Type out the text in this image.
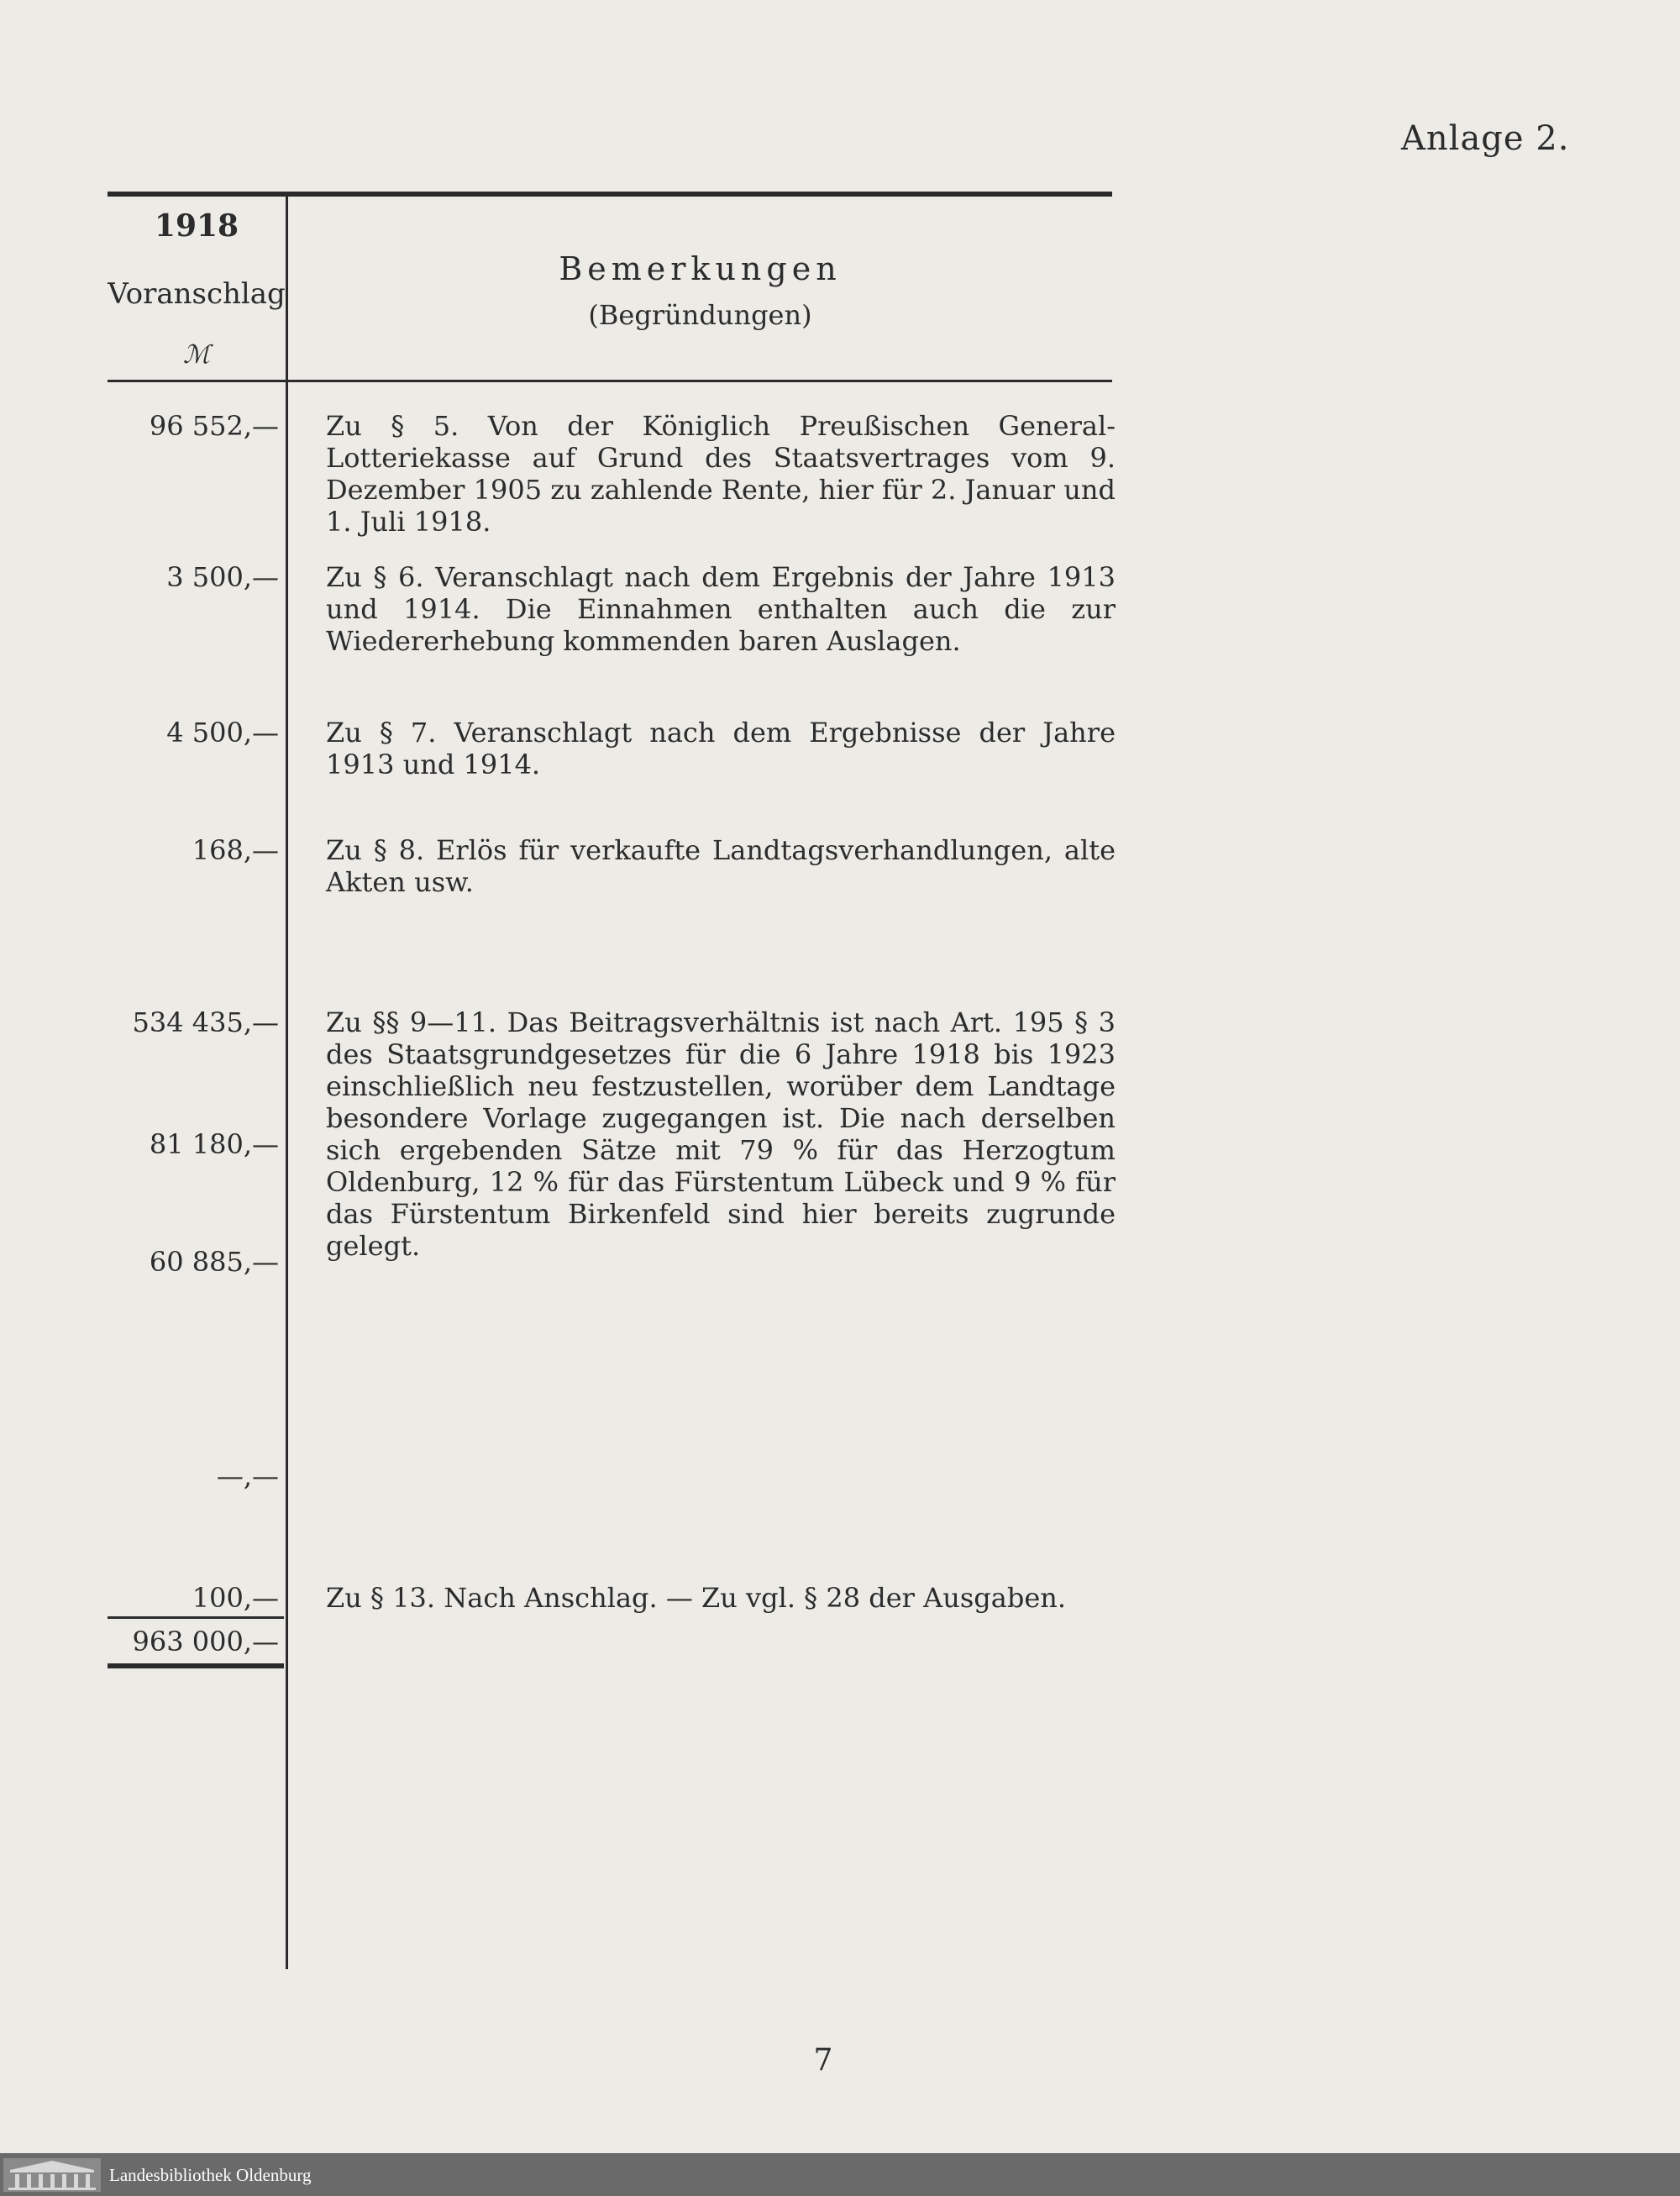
Anlage 2.
1918
Voranschlag
ℳ
Bemerkungen
(Begründungen)
96 552,—
3 500,—
4 500,—
168,—
534 435,—
81 180,—
60 885,—
—,—
100,—
963 000,—
Zu § 5. Von der Königlich Preußischen General-Lotteriekasse auf Grund des Staatsvertrages vom 9. Dezember 1905 zu zahlende Rente, hier für 2. Januar und 1. Juli 1918.
Zu § 6. Veranschlagt nach dem Ergebnis der Jahre 1913 und 1914. Die Einnahmen enthalten auch die zur Wiedererhebung kommenden baren Auslagen.
Zu § 7. Veranschlagt nach dem Ergebnisse der Jahre 1913 und 1914.
Zu § 8. Erlös für verkaufte Landtagsverhandlungen, alte Akten usw.
Zu §§ 9—11. Das Beitragsverhältnis ist nach Art. 195 § 3 des Staatsgrundgesetzes für die 6 Jahre 1918 bis 1923 einschließlich neu festzustellen, worüber dem Landtage besondere Vorlage zugegangen ist. Die nach derselben sich ergebenden Sätze mit 79 % für das Herzogtum Oldenburg, 12 % für das Fürstentum Lübeck und 9 % für das Fürstentum Birkenfeld sind hier bereits zugrunde gelegt.
Zu § 13. Nach Anschlag. — Zu vgl. § 28 der Ausgaben.
7
Landesbibliothek Oldenburg
